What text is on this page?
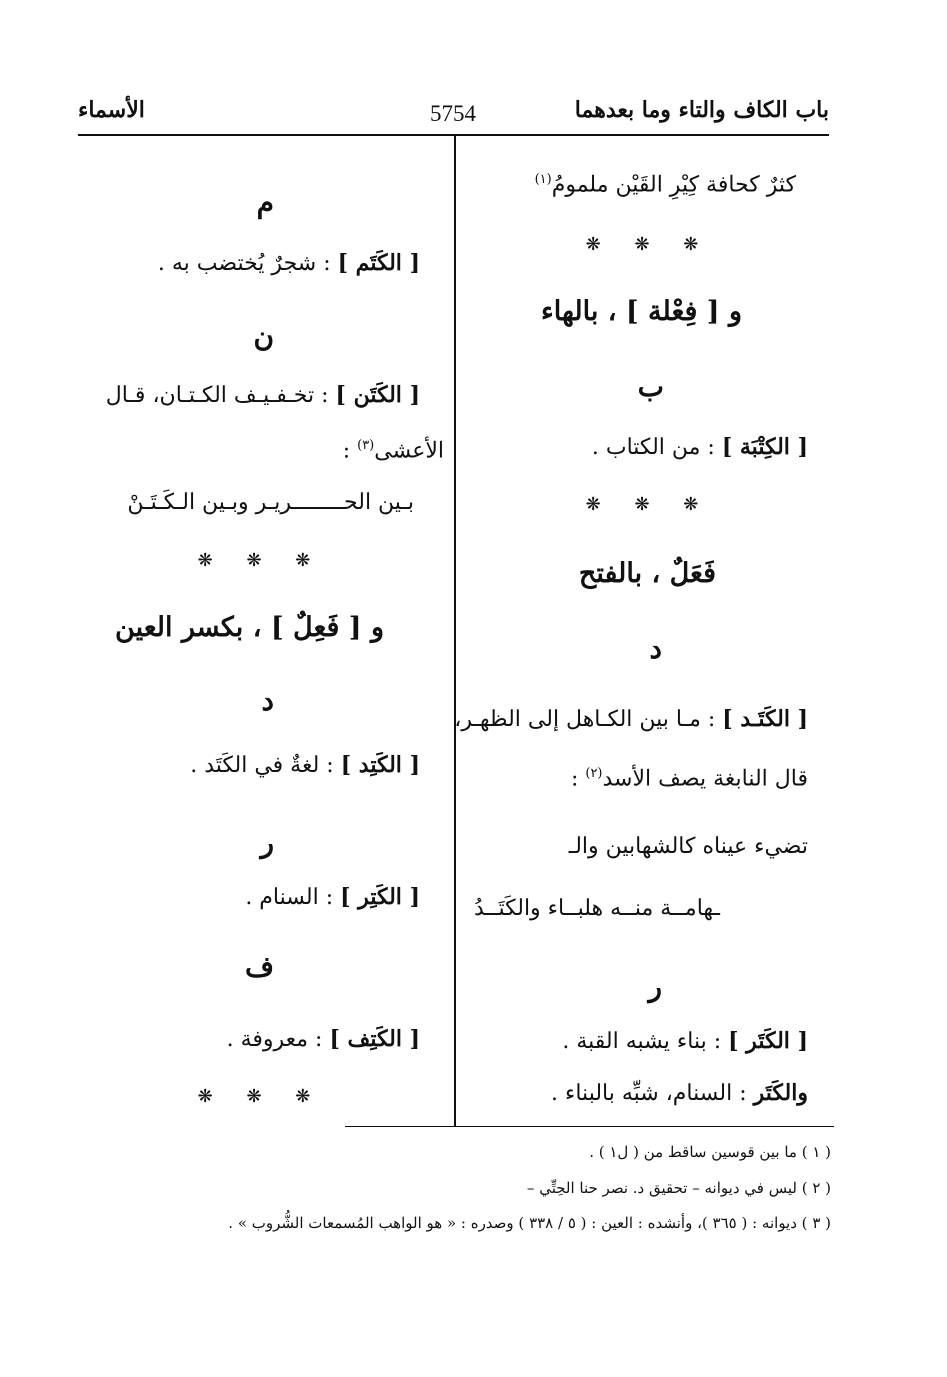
باب الكاف والتاء وما بعدهما
5754
الأسماء
كثرٌ كحافة كِيْرِ القَيْن ملمومُ$^{(١)}$
❋ ❋ ❋
و [ فِعْلة ] ، بالهاء
ب
[ الكِتْبَة ] : من الكتاب .
❋ ❋ ❋
فَعَلٌ ، بالفتح
د
[ الكَتَـد ] : مـا بين الكـاهل إلى الظهـر،
قال النابغة يصف الأسد$^{(٢)}$ :
تضيء عيناه كالشهابين والـ
ـهامــة منــه هلبــاء والكَتَــدُ
ر
[ الكَتَر ] : بناء يشبه القبة .
والكَتَر : السنام، شبِّه بالبناء .
م
[ الكَتَم ] : شجرٌ يُختضب به .
ن
[ الكَتَن ] : تخـفـيـف الكـتـان، قـال
الأعشى$^{(٣)}$ :
بـين الحــــــــريـر وبـين الـكَـتَـنْ
❋ ❋ ❋
و [ فَعِلٌ ] ، بكسر العين
د
[ الكَتِد ] : لغةٌ في الكَتَد .
ر
[ الكَتِر ] : السنام .
ف
[ الكَتِف ] : معروفة .
❋ ❋ ❋
( ١ ) ما بين قوسين ساقط من ( ل١ ) .
( ٢ ) ليس في ديوانه – تحقيق د. نصر حنا الحِتِّي –
( ٣ ) ديوانه : ( ٣٦٥ )، وأنشده : العين : ( ٥ / ٣٣٨ ) وصدره : « هو الواهب المُسمعات الشُّروب » .
